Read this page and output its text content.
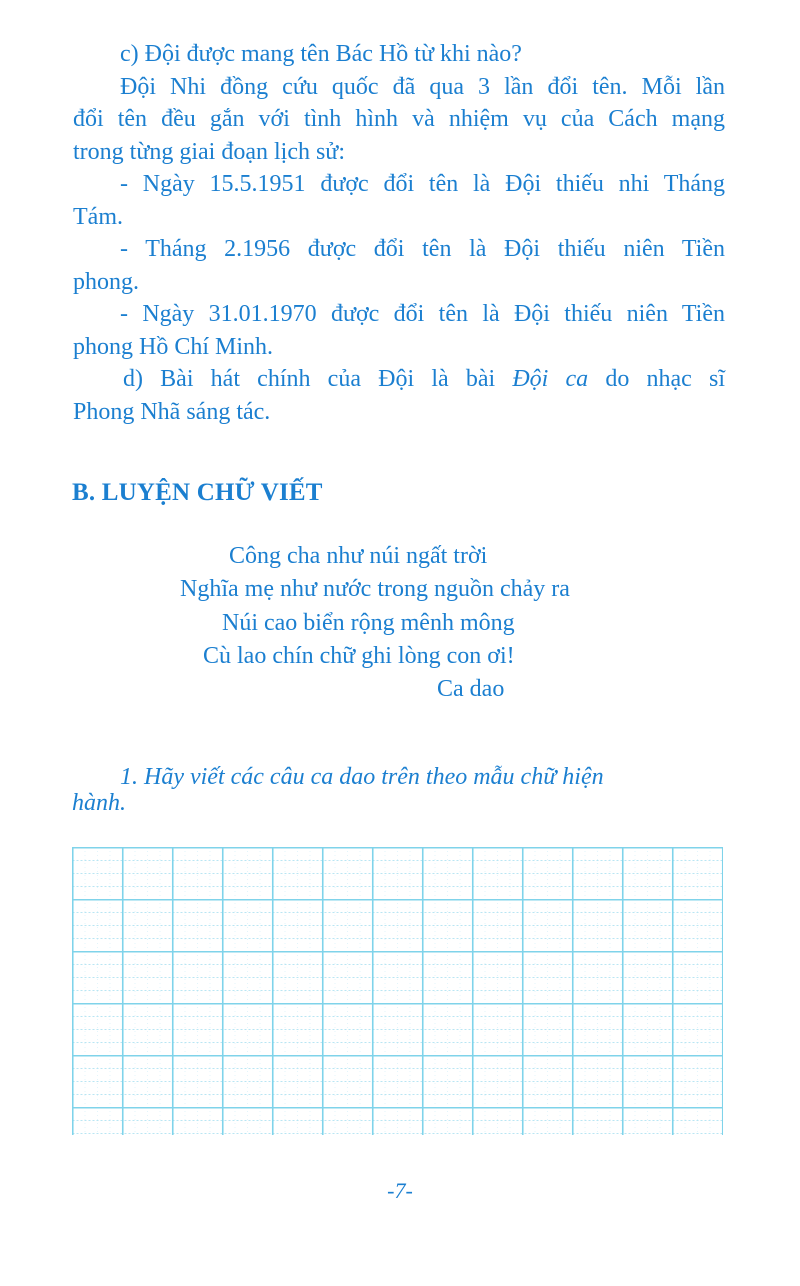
c) Đội được mang tên Bác Hồ từ khi nào?

Đội Nhi đồng cứu quốc đã qua 3 lần đổi tên. Mỗi lần

đổi tên đều gắn với tình hình và nhiệm vụ của Cách mạng

trong từng giai đoạn lịch sử:

- Ngày 15.5.1951 được đổi tên là Đội thiếu nhi Tháng

Tám.

- Tháng 2.1956 được đổi tên là Đội thiếu niên Tiền

phong.

- Ngày 31.01.1970 được đổi tên là Đội thiếu niên Tiền

phong Hồ Chí Minh.

d) Bài hát chính của Đội là bài Đội ca do nhạc sĩ

Phong Nhã sáng tác.

B. LUYỆN CHỮ VIẾT
Công cha như núi ngất trời
Nghĩa mẹ như nước trong nguồn chảy ra
Núi cao biển rộng mênh mông
Cù lao chín chữ ghi lòng con ơi!
Ca dao
1. Hãy viết các câu ca dao trên theo mẫu chữ hiện
hành.
-7-
